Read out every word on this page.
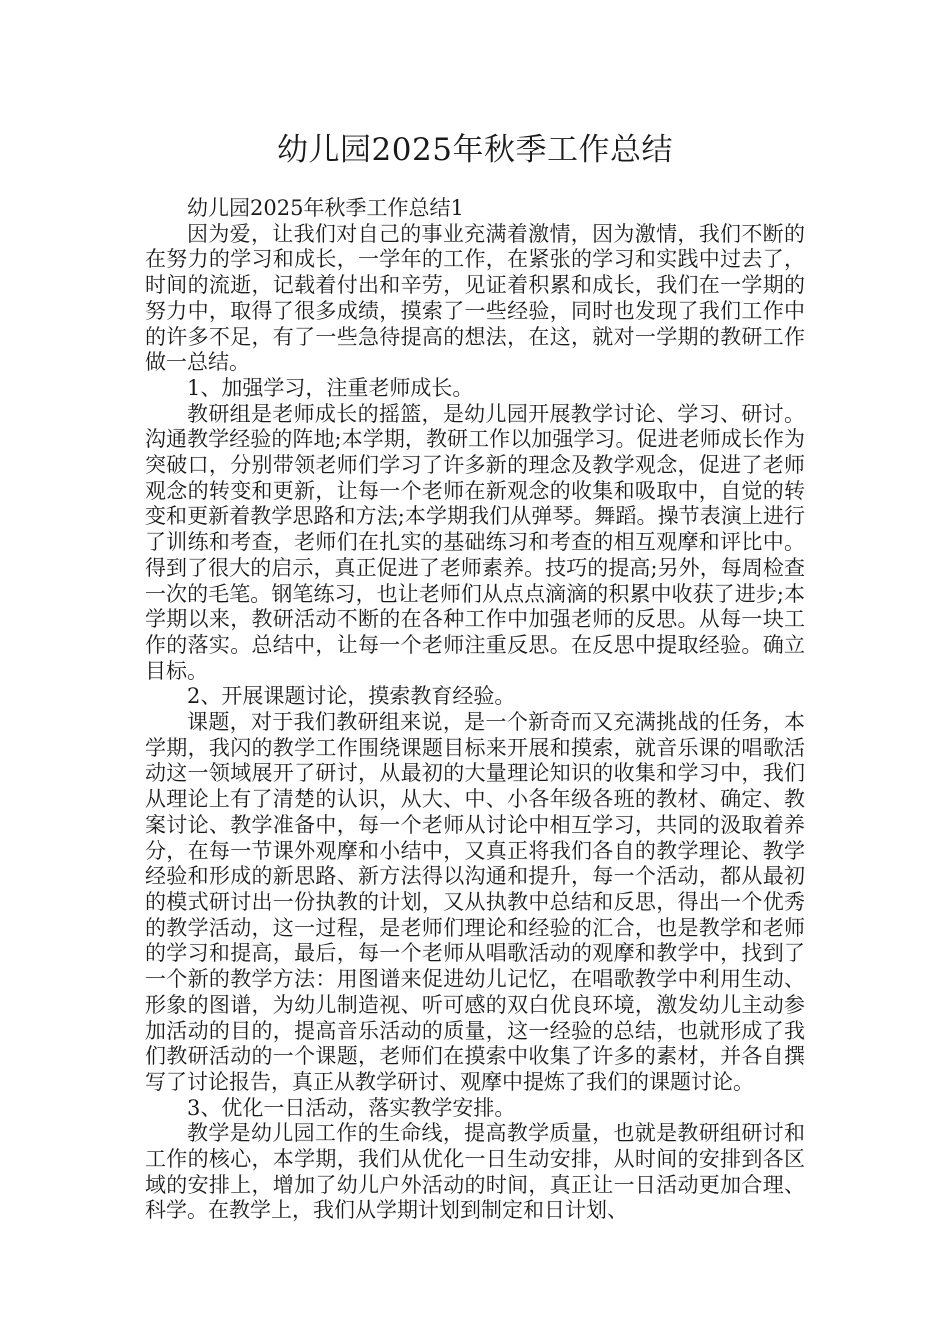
幼儿园2025年秋季工作总结

幼儿园2025年秋季工作总结1

因为爱，让我们对自己的事业充满着激情，因为激情，我们不断的在努力的学习和成长，一学年的工作，在紧张的学习和实践中过去了，时间的流逝，记载着付出和辛劳，见证着积累和成长，我们在一学期的努力中，取得了很多成绩，摸索了一些经验，同时也发现了我们工作中的许多不足，有了一些急待提高的想法，在这，就对一学期的教研工作做一总结。

1、加强学习，注重老师成长。

教研组是老师成长的摇篮，是幼儿园开展教学讨论、学习、研讨。沟通教学经验的阵地;本学期，教研工作以加强学习。促进老师成长作为突破口，分别带领老师们学习了许多新的理念及教学观念，促进了老师观念的转变和更新，让每一个老师在新观念的收集和吸取中，自觉的转变和更新着教学思路和方法;本学期我们从弹琴。舞蹈。操节表演上进行了训练和考查，老师们在扎实的基础练习和考查的相互观摩和评比中。得到了很大的启示，真正促进了老师素养。技巧的提高;另外，每周检查一次的毛笔。钢笔练习，也让老师们从点点滴滴的积累中收获了进步;本学期以来，教研活动不断的在各种工作中加强老师的反思。从每一块工作的落实。总结中，让每一个老师注重反思。在反思中提取经验。确立目标。

2、开展课题讨论，摸索教育经验。

课题，对于我们教研组来说，是一个新奇而又充满挑战的任务，本学期，我闪的教学工作围绕课题目标来开展和摸索，就音乐课的唱歌活动这一领域展开了研讨，从最初的大量理论知识的收集和学习中，我们从理论上有了清楚的认识，从大、中、小各年级各班的教材、确定、教案讨论、教学准备中，每一个老师从讨论中相互学习，共同的汲取着养分，在每一节课外观摩和小结中，又真正将我们各自的教学理论、教学经验和形成的新思路、新方法得以沟通和提升，每一个活动，都从最初的模式研讨出一份执教的计划，又从执教中总结和反思，得出一个优秀的教学活动，这一过程，是老师们理论和经验的汇合，也是教学和老师的学习和提高，最后，每一个老师从唱歌活动的观摩和教学中，找到了一个新的教学方法：用图谱来促进幼儿记忆，在唱歌教学中利用生动、形象的图谱，为幼儿制造视、听可感的双白优良环境，激发幼儿主动参加活动的目的，提高音乐活动的质量，这一经验的总结，也就形成了我们教研活动的一个课题，老师们在摸索中收集了许多的素材，并各自撰写了讨论报告，真正从教学研讨、观摩中提炼了我们的课题讨论。

3、优化一日活动，落实教学安排。

教学是幼儿园工作的生命线，提高教学质量，也就是教研组研讨和工作的核心，本学期，我们从优化一日生动安排，从时间的安排到各区域的安排上，增加了幼儿户外活动的时间，真正让一日活动更加合理、科学。在教学上，我们从学期计划到制定和日计划、
